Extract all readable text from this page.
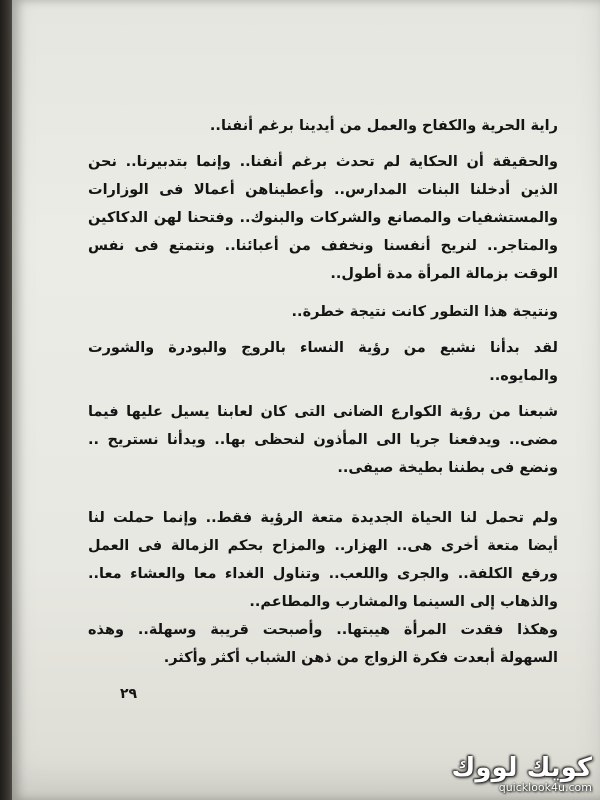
راية الحرية والكفاح والعمل من أيدينا برغم أنفنا..

والحقيقة أن الحكاية لم تحدث برغم أنفنا.. وإنما بتدبيرنا.. نحن الذين أدخلنا البنات المدارس.. وأعطيناهن أعمالا فى الوزارات والمستشفيات والمصانع والشركات والبنوك.. وفتحنا لهن الدكاكين والمتاجر.. لنريح أنفسنا ونخفف من أعبائنا.. ونتمتع فى نفس الوقت بزمالة المرأة مدة أطول..

ونتيجة هذا التطور كانت نتيجة خطرة..

لقد بدأنا نشبع من رؤية النساء بالروج والبودرة والشورت والمايوه..

شبعنا من رؤية الكوارع الضانى التى كان لعابنا يسيل عليها فيما مضى.. ويدفعنا جريا الى المأذون لنحظى بها.. ويدأنا نستريح .. ونضع فى بطننا بطيخة صيفى..

ولم تحمل لنا الحياة الجديدة متعة الرؤية فقط.. وإنما حملت لنا أيضا متعة أخرى هى.. الهزار.. والمزاح بحكم الزمالة فى العمل ورفع الكلفة.. والجرى واللعب.. وتناول الغداء معا والعشاء معا.. والذهاب إلى السينما والمشارب والمطاعم..

وهكذا فقدت المرأة هيبتها.. وأصبحت قريبة وسهلة.. وهذه السهولة أبعدت فكرة الزواج من ذهن الشباب أكثر وأكثر.

٢٩
كويك لووك
quicklook4u.com
